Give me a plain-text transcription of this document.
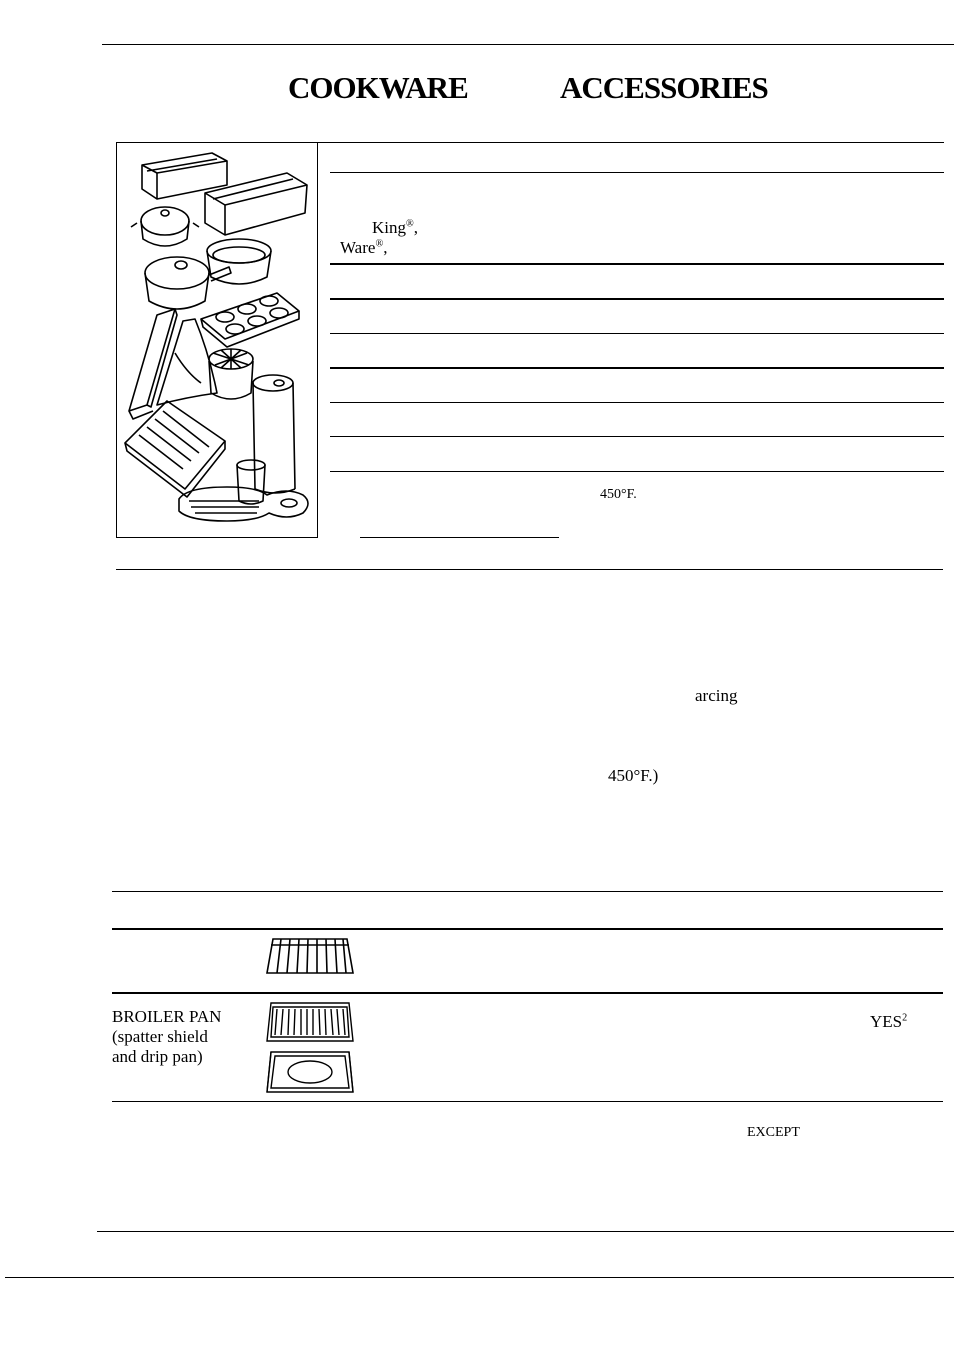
COOKWARE	ACCESSORIES
King®,
Ware®,
450°F.
arcing
450°F.)
BROILER PAN
(spatter shield
and drip pan)
YES$^2$
EXCEPT
